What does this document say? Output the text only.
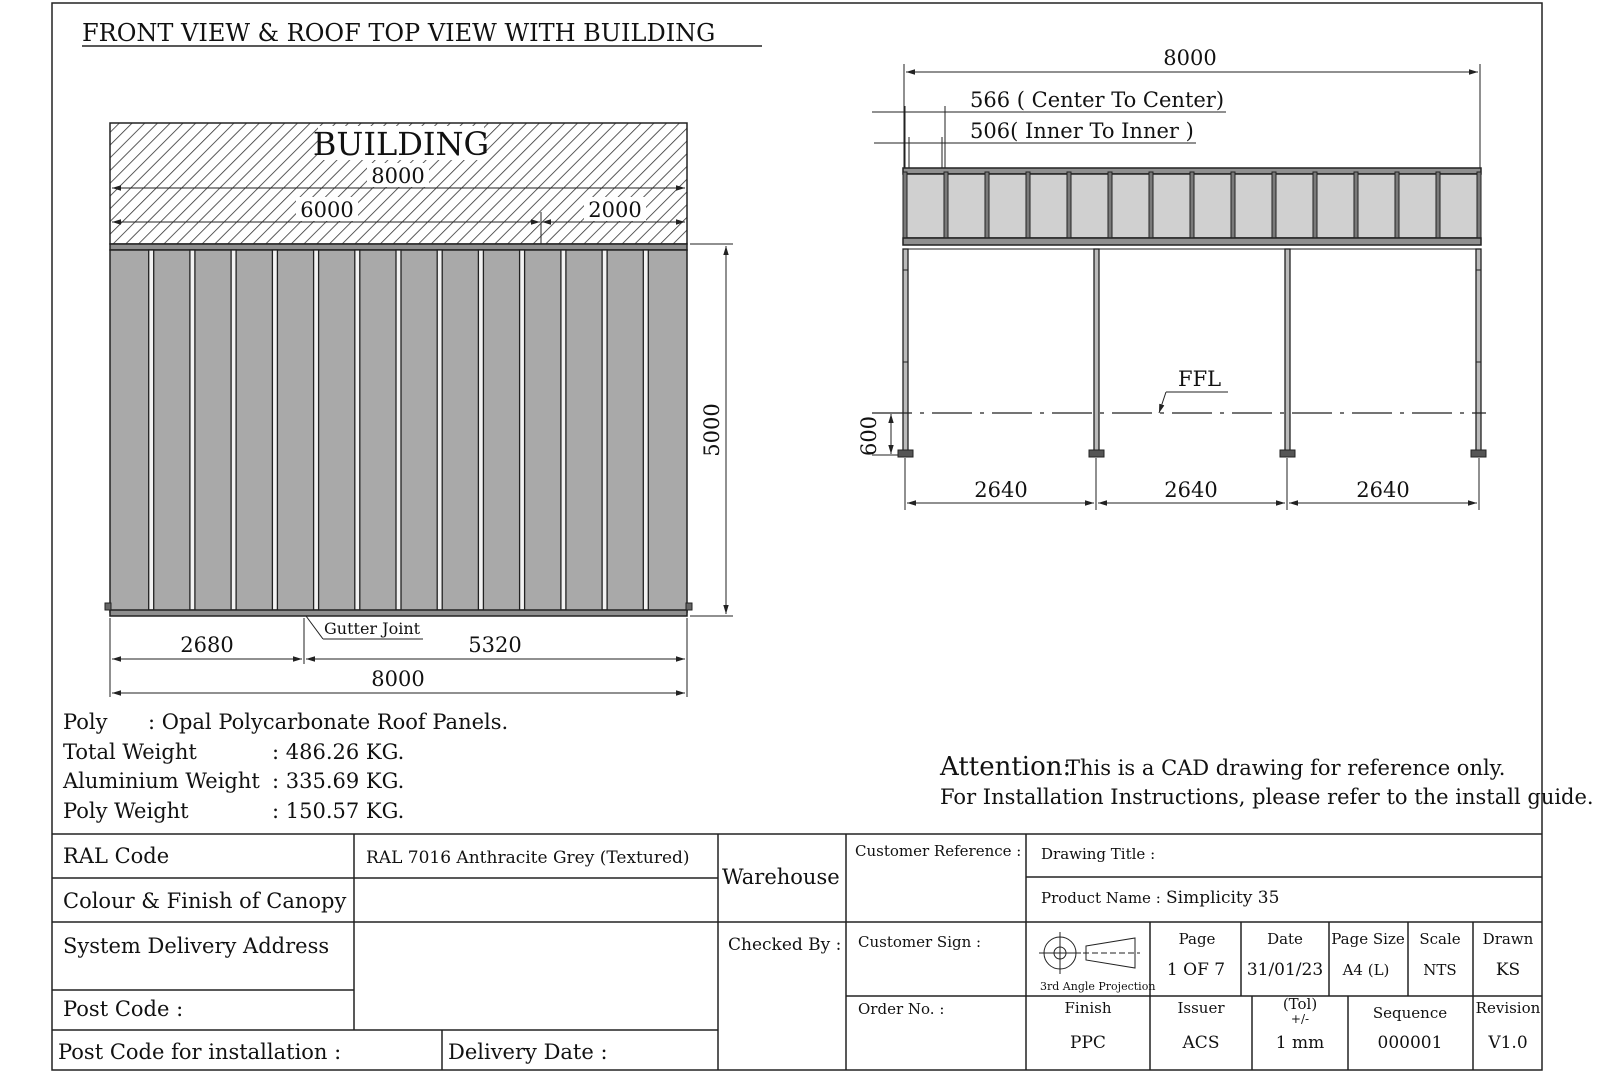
FRONT VIEW & ROOF TOP VIEW WITH BUILDING
BUILDING
8000
6000	2000
5000
Gutter Joint
2680	5320
8000
8000
566 ( Center To Center)
506( Inner To Inner )
FFL
600
2640	2640	2640
Poly : Opal Polycarbonate Roof Panels.
Total Weight	: 486.26 KG.
Aluminium Weight : 335.69 KG.
Poly Weight	: 150.57 KG.
Attention:
This is a CAD drawing for reference only.
For Installation Instructions, please refer to the install guide.
RAL Code	RAL 7016 Anthracite Grey (Textured)
Colour & Finish of Canopy
System Delivery Address
Post Code :
Post Code for installation :	Delivery Date :
Warehouse
Checked By :
Customer Reference :
Customer Sign :
Order No. :
Drawing Title :
Product Name : Simplicity 35
3rd Angle Projection
Page
1 OF 7
Date
31/01/23
Page Size
A4 (L)
Scale
NTS
Drawn
KS
Finish
PPC
Issuer
ACS
(Tol)
+/-
1 mm
Sequence
000001
Revision
V1.0
